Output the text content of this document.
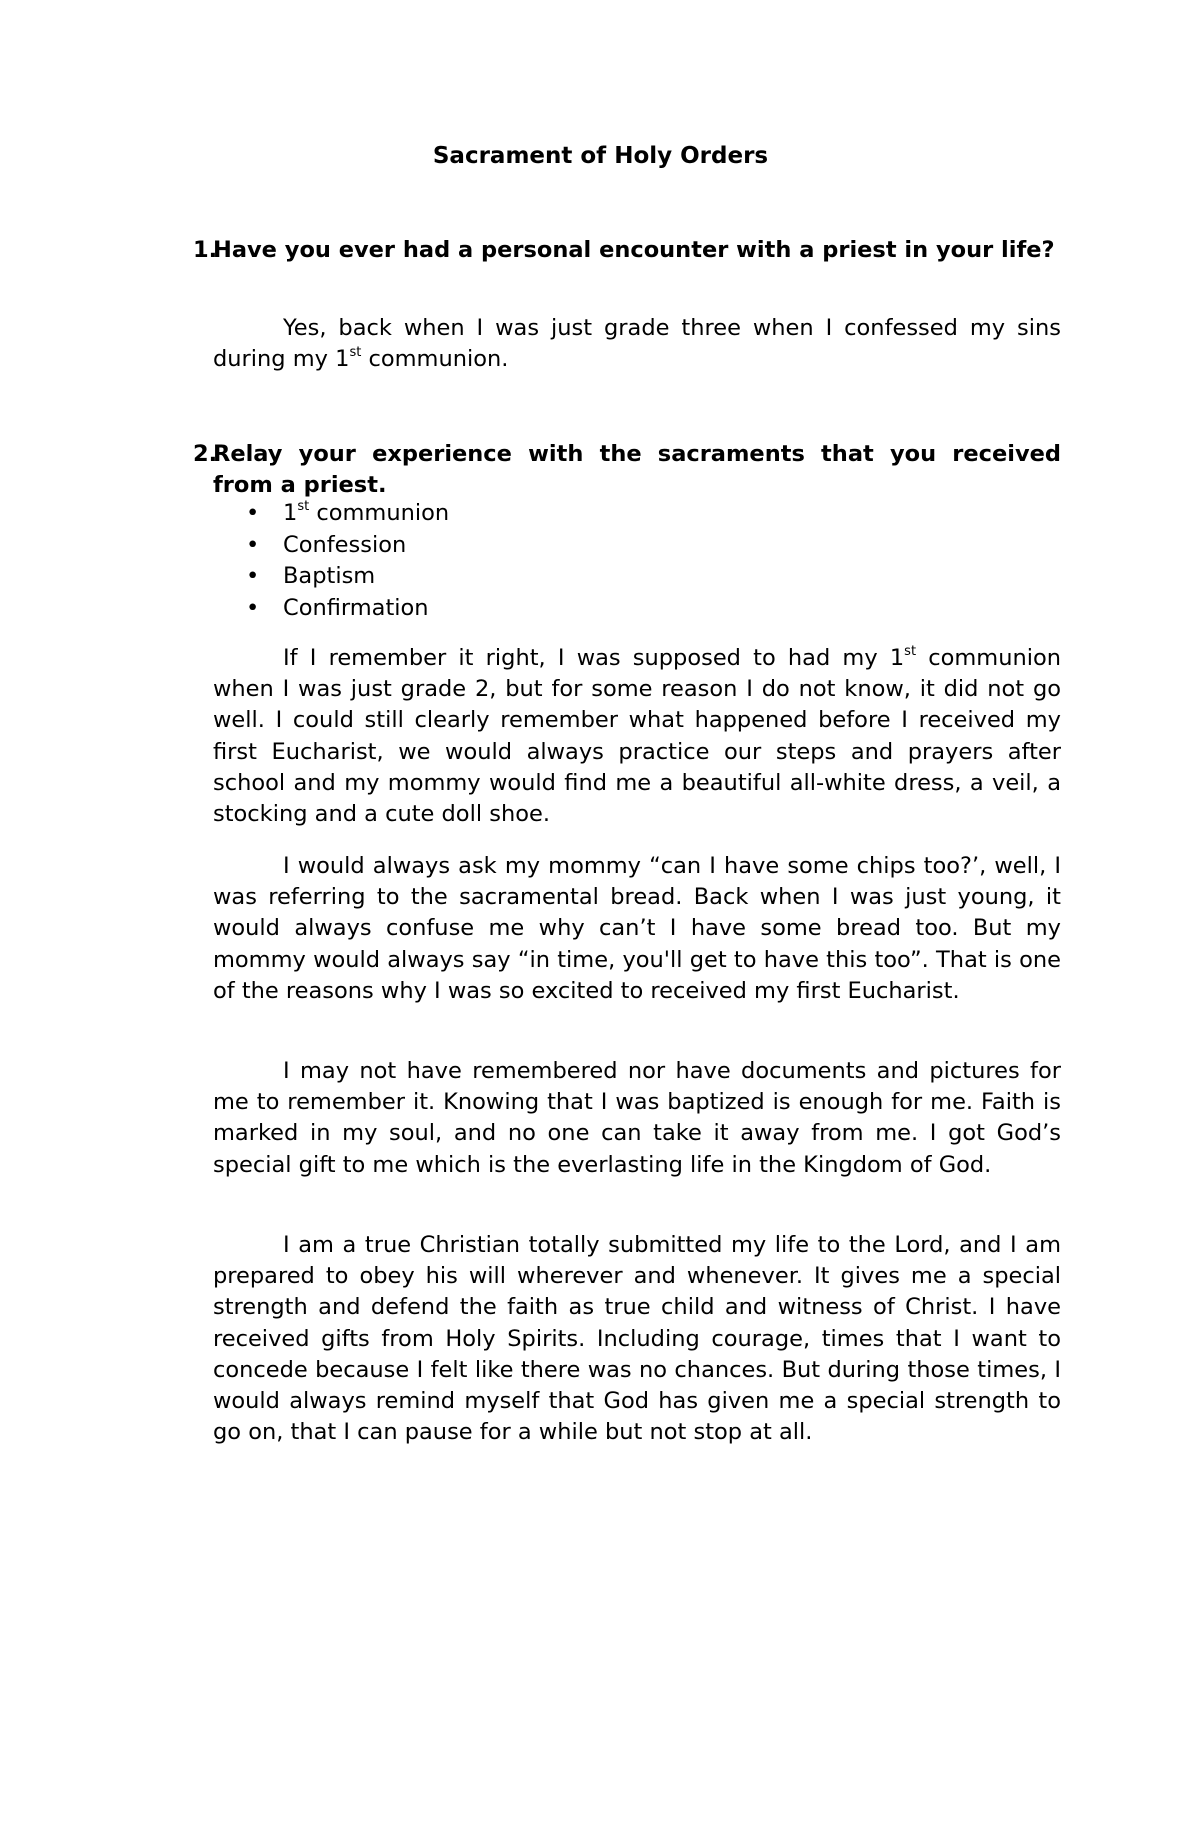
Sacrament of Holy Orders
1.
Have you ever had a personal encounter with a priest in your life?

Yes, back when I was just grade three when I confessed my sins during my 1st communion.

2.
Relay your experience with the sacraments that you received from a priest.
• 1st communion
• Confession
• Baptism
• Confirmation

If I remember it right, I was supposed to had my 1st communion when I was just grade 2, but for some reason I do not know, it did not go well. I could still clearly remember what happened before I received my first Eucharist, we would always practice our steps and prayers after school and my mommy would find me a beautiful all-white dress, a veil, a stocking and a cute doll shoe.

I would always ask my mommy “can I have some chips too?’, well, I was referring to the sacramental bread. Back when I was just young, it would always confuse me why can’t I have some bread too. But my mommy would always say “in time, you'll get to have this too”. That is one of the reasons why I was so excited to received my first Eucharist.

I may not have remembered nor have documents and pictures for me to remember it. Knowing that I was baptized is enough for me. Faith is marked in my soul, and no one can take it away from me. I got God’s special gift to me which is the everlasting life in the Kingdom of God.

I am a true Christian totally submitted my life to the Lord, and I am prepared to obey his will wherever and whenever. It gives me a special strength and defend the faith as true child and witness of Christ. I have received gifts from Holy Spirits. Including courage, times that I want to concede because I felt like there was no chances. But during those times, I would always remind myself that God has given me a special strength to go on, that I can pause for a while but not stop at all.
